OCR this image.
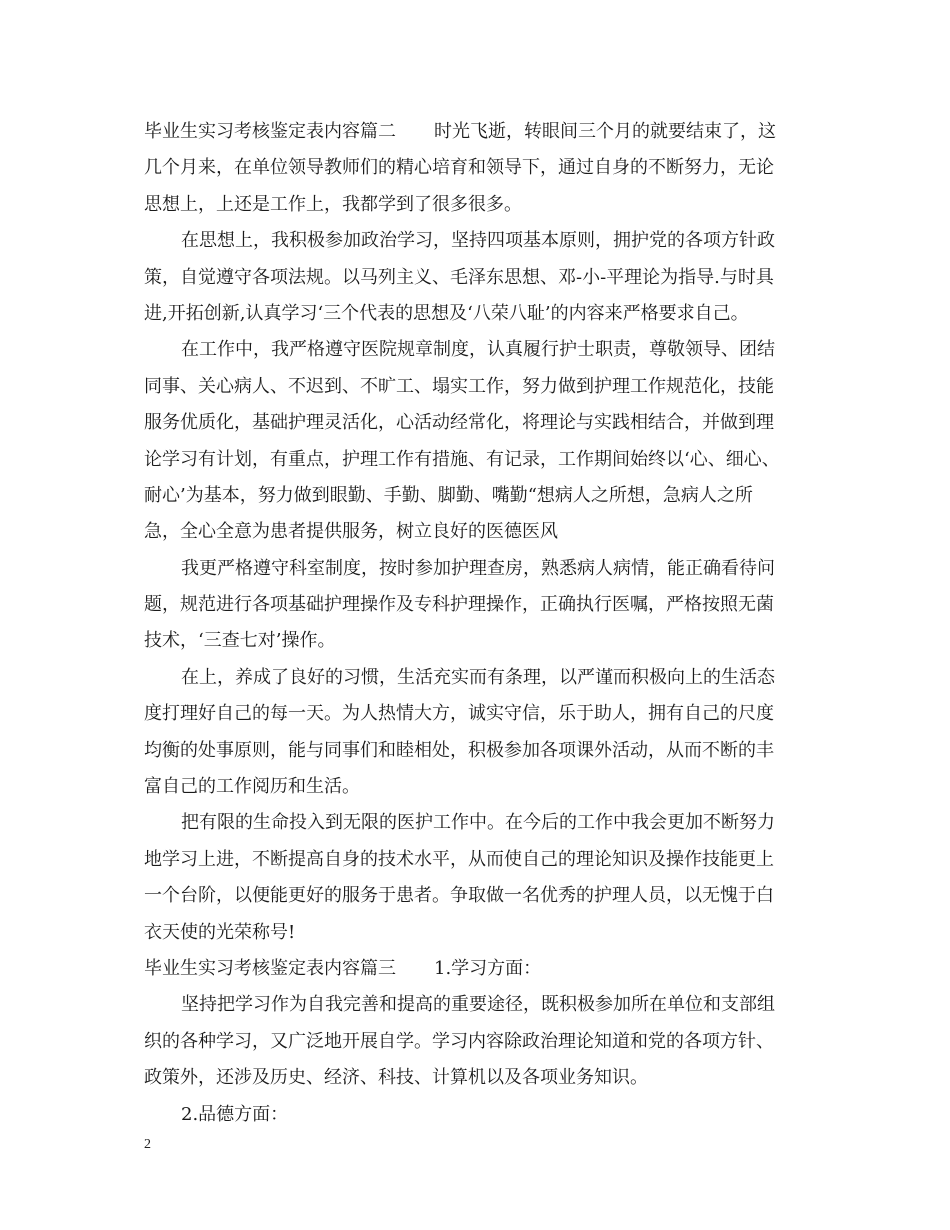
毕业生实习考核鉴定表内容篇二 时光飞逝，转眼间三个月的就要结束了，这

几个月来，在单位领导教师们的精心培育和领导下，通过自身的不断努力，无论

思想上，上还是工作上，我都学到了很多很多。

在思想上，我积极参加政治学习，坚持四项基本原则，拥护党的各项方针政

策，自觉遵守各项法规。以马列主义、毛泽东思想、邓-小-平理论为指导.与时具

进,开拓创新,认真学习‘三个代表的思想及‘八荣八耻’的内容来严格要求自己。

在工作中，我严格遵守医院规章制度，认真履行护士职责，尊敬领导、团结

同事、关心病人、不迟到、不旷工、塌实工作，努力做到护理工作规范化，技能

服务优质化，基础护理灵活化，心活动经常化，将理论与实践相结合，并做到理

论学习有计划，有重点，护理工作有措施、有记录，工作期间始终以‘心、细心、

耐心’为基本，努力做到眼勤、手勤、脚勤、嘴勤“想病人之所想，急病人之所

急，全心全意为患者提供服务，树立良好的医德医风

我更严格遵守科室制度，按时参加护理查房，熟悉病人病情，能正确看待问

题，规范进行各项基础护理操作及专科护理操作，正确执行医嘱，严格按照无菌

技术，‘三查七对’操作。

在上，养成了良好的习惯，生活充实而有条理，以严谨而积极向上的生活态

度打理好自己的每一天。为人热情大方，诚实守信，乐于助人，拥有自己的尺度

均衡的处事原则，能与同事们和睦相处，积极参加各项课外活动，从而不断的丰

富自己的工作阅历和生活。

把有限的生命投入到无限的医护工作中。在今后的工作中我会更加不断努力

地学习上进，不断提高自身的技术水平，从而使自己的理论知识及操作技能更上

一个台阶，以便能更好的服务于患者。争取做一名优秀的护理人员，以无愧于白

衣天使的光荣称号!

毕业生实习考核鉴定表内容篇三 1.学习方面：

坚持把学习作为自我完善和提高的重要途径，既积极参加所在单位和支部组

织的各种学习，又广泛地开展自学。学习内容除政治理论知道和党的各项方针、

政策外，还涉及历史、经济、科技、计算机以及各项业务知识。

2.品德方面：

2
